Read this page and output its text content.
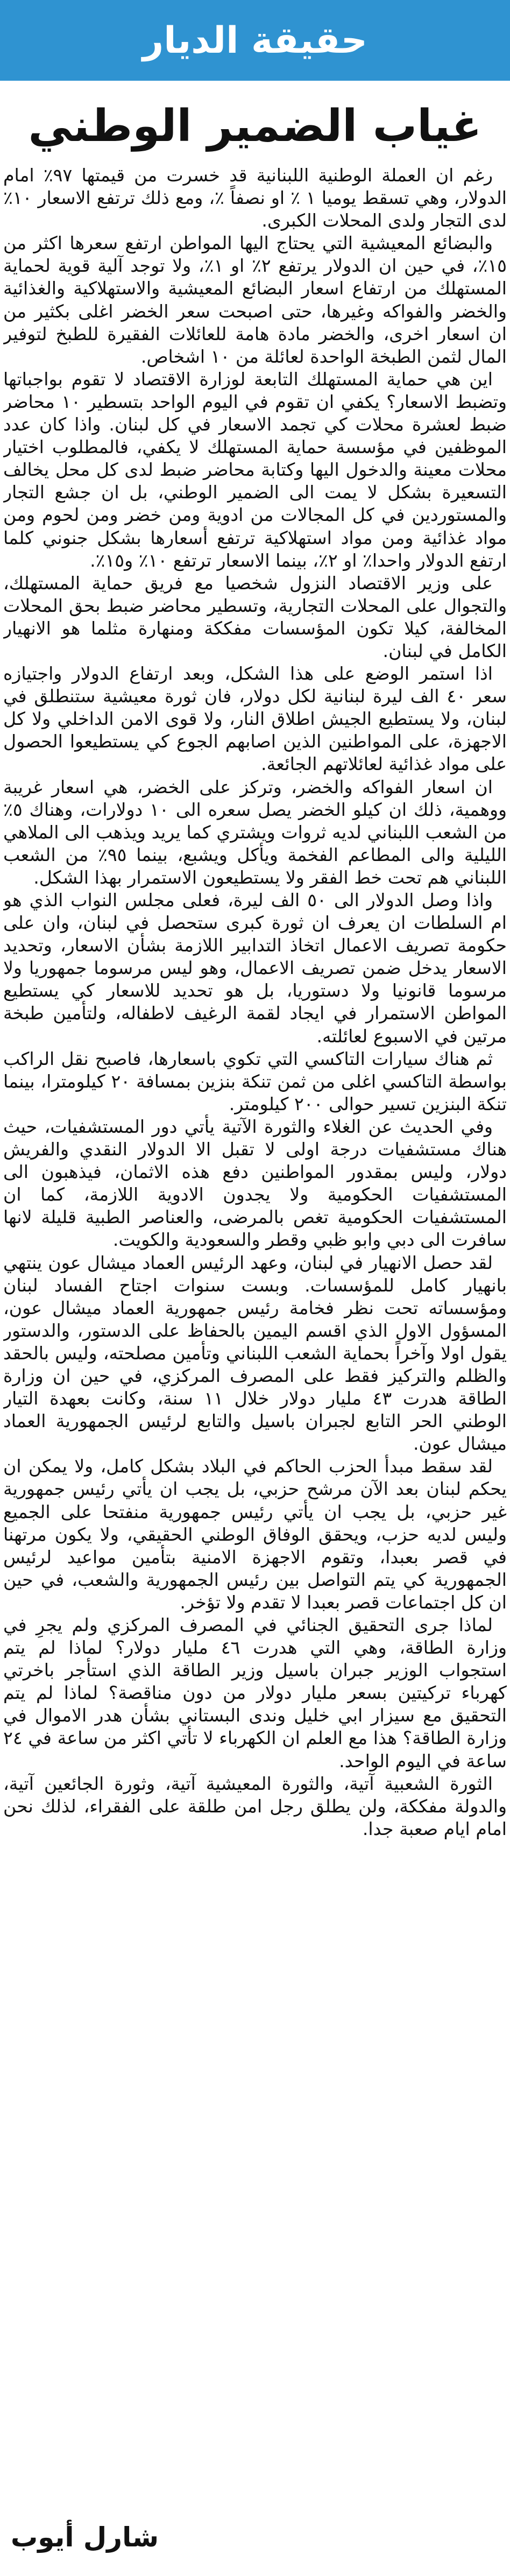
حقيقة الديار
غياب الضمير الوطني

رغم ان العملة الوطنية اللبنانية قد خسرت من قيمتها ٩٧٪ امام الدولار، وهي تسقط يوميا ١ ٪ او نصفاً ٪، ومع ذلك ترتفع الاسعار ١٠٪ لدى التجار ولدى المحلات الكبرى.

والبضائع المعيشية التي يحتاج اليها المواطن ارتفع سعرها اكثر من ١٥٪، في حين ان الدولار يرتفع ٢٪ او ١٪، ولا توجد آلية قوية لحماية المستهلك من ارتفاع اسعار البضائع المعيشية والاستهلاكية والغذائية والخضر والفواكه وغيرها، حتى اصبحت سعر الخضر اغلى بكثير من ان اسعار اخرى، والخضر مادة هامة للعائلات الفقيرة للطبخ لتوفير المال لثمن الطبخة الواحدة لعائلة من ١٠ اشخاص.

اين هي حماية المستهلك التابعة لوزارة الاقتصاد لا تقوم بواجباتها وتضبط الاسعار؟ يكفي ان تقوم في اليوم الواحد بتسطير ١٠ محاضر ضبط لعشرة محلات كي تجمد الاسعار في كل لبنان. واذا كان عدد الموظفين في مؤسسة حماية المستهلك لا يكفي، فالمطلوب اختيار محلات معينة والدخول اليها وكتابة محاضر ضبط لدى كل محل يخالف التسعيرة بشكل لا يمت الى الضمير الوطني، بل ان جشع التجار والمستوردين في كل المجالات من ادوية ومن خضر ومن لحوم ومن مواد غذائية ومن مواد استهلاكية ترتفع أسعارها بشكل جنوني كلما ارتفع الدولار واحدا٪ او ٢٪، بينما الاسعار ترتفع ١٠٪ و١٥٪.

على وزير الاقتصاد النزول شخصيا مع فريق حماية المستهلك، والتجوال على المحلات التجارية، وتسطير محاضر ضبط بحق المحلات المخالفة، كيلا تكون المؤسسات مفككة ومنهارة مثلما هو الانهيار الكامل في لبنان.

اذا استمر الوضع على هذا الشكل، وبعد ارتفاع الدولار واجتيازه سعر ٤٠ الف ليرة لبنانية لكل دولار، فان ثورة معيشية ستنطلق في لبنان، ولا يستطيع الجيش اطلاق النار، ولا قوى الامن الداخلي ولا كل الاجهزة، على المواطنين الذين اصابهم الجوع كي يستطيعوا الحصول على مواد غذائية لعائلاتهم الجائعة.

ان اسعار الفواكه والخضر، وتركز على الخضر، هي اسعار غريبة ووهمية، ذلك ان كيلو الخضر يصل سعره الى ١٠ دولارات، وهناك ٥٪ من الشعب اللبناني لديه ثروات ويشتري كما يريد ويذهب الى الملاهي الليلية والى المطاعم الفخمة ويأكل ويشبع، بينما ٩٥٪ من الشعب اللبناني هم تحت خط الفقر ولا يستطيعون الاستمرار بهذا الشكل.

واذا وصل الدولار الى ٥٠ الف ليرة، فعلى مجلس النواب الذي هو ام السلطات ان يعرف ان ثورة كبرى ستحصل في لبنان، وان على حكومة تصريف الاعمال اتخاذ التدابير اللازمة بشأن الاسعار، وتحديد الاسعار يدخل ضمن تصريف الاعمال، وهو ليس مرسوما جمهوريا ولا مرسوما قانونيا ولا دستوريا، بل هو تحديد للاسعار كي يستطيع المواطن الاستمرار في ايجاد لقمة الرغيف لاطفاله، ولتأمين طبخة مرتين في الاسبوع لعائلته.

ثم هناك سيارات التاكسي التي تكوي باسعارها، فاصبح نقل الراكب بواسطة التاكسي اغلى من ثمن تنكة بنزين بمسافة ٢٠ كيلومترا، بينما تنكة البنزين تسير حوالى ٢٠٠ كيلومتر.

وفي الحديث عن الغلاء والثورة الآتية يأتي دور المستشفيات، حيث هناك مستشفيات درجة اولى لا تقبل الا الدولار النقدي والفريش دولار، وليس بمقدور المواطنين دفع هذه الاثمان، فيذهبون الى المستشفيات الحكومية ولا يجدون الادوية اللازمة، كما ان المستشفيات الحكومية تغص بالمرضى، والعناصر الطبية قليلة لانها سافرت الى دبي وابو ظبي وقطر والسعودية والكويت.

لقد حصل الانهيار في لبنان، وعهد الرئيس العماد ميشال عون ينتهي بانهيار كامل للمؤسسات. وبست سنوات اجتاح الفساد لبنان ومؤسساته تحت نظر فخامة رئيس جمهورية العماد ميشال عون، المسؤول الاول الذي اقسم اليمين بالحفاظ على الدستور، والدستور يقول اولا وآخراً بحماية الشعب اللبناني وتأمين مصلحته، وليس بالحقد والظلم والتركيز فقط على المصرف المركزي، في حين ان وزارة الطاقة هدرت ٤٣ مليار دولار خلال ١١ سنة، وكانت بعهدة التيار الوطني الحر التابع لجبران باسيل والتابع لرئيس الجمهورية العماد ميشال عون.

لقد سقط مبدأ الحزب الحاكم في البلاد بشكل كامل، ولا يمكن ان يحكم لبنان بعد الآن مرشح حزبي، بل يجب ان يأتي رئيس جمهورية غير حزبي، بل يجب ان يأتي رئيس جمهورية منفتحا على الجميع وليس لديه حزب، ويحقق الوفاق الوطني الحقيقي، ولا يكون مرتهنا في قصر بعبدا، وتقوم الاجهزة الامنية بتأمين مواعيد لرئيس الجمهورية كي يتم التواصل بين رئيس الجمهورية والشعب، في حين ان كل اجتماعات قصر بعبدا لا تقدم ولا تؤخر.

لماذا جرى التحقيق الجنائي في المصرف المركزي ولم يجرِ في وزارة الطاقة، وهي التي هدرت ٤٦ مليار دولار؟ لماذا لم يتم استجواب الوزير جبران باسيل وزير الطاقة الذي استأجر باخرتي كهرباء تركيتين بسعر مليار دولار من دون مناقصة؟ لماذا لم يتم التحقيق مع سيزار ابي خليل وندى البستاني بشأن هدر الاموال في وزارة الطاقة؟ هذا مع العلم ان الكهرباء لا تأتي اكثر من ساعة في ٢٤ ساعة في اليوم الواحد.

الثورة الشعبية آتية، والثورة المعيشية آتية، وثورة الجائعين آتية، والدولة مفككة، ولن يطلق رجل امن طلقة على الفقراء، لذلك نحن امام ايام صعبة جدا.

شارل أيوب
